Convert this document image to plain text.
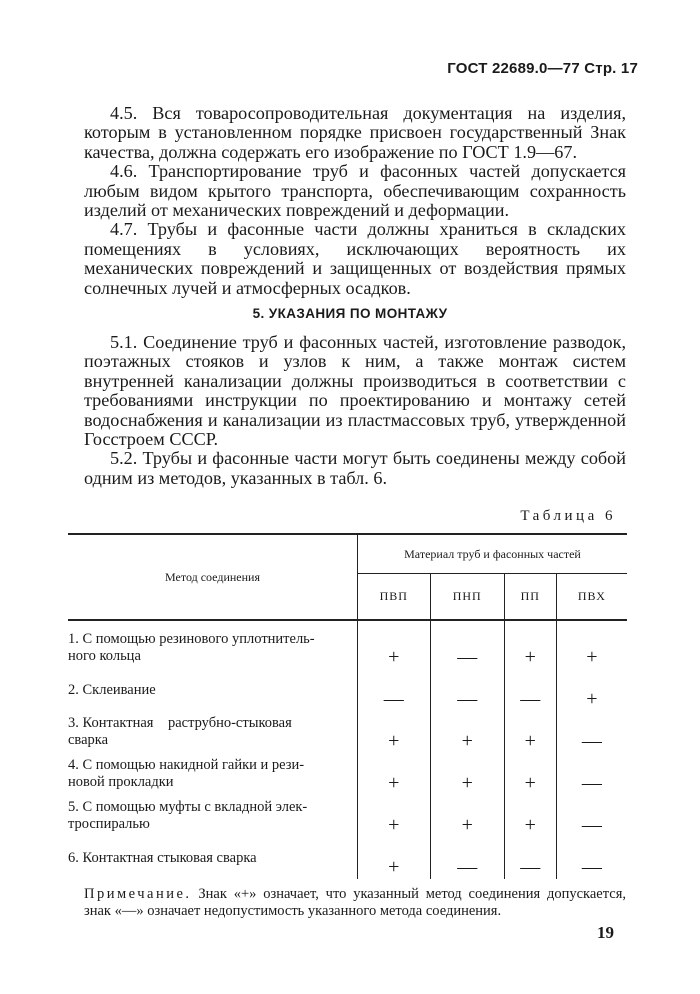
ГОСТ 22689.0—77 Стр. 17

4.5. Вся товаросопроводительная документация на изделия, которым в установленном порядке присвоен государственный Знак качества, должна содержать его изображение по ГОСТ 1.9—67.

4.6. Транспортирование труб и фасонных частей допускается любым видом крытого транспорта, обеспечивающим сохранность изделий от механических повреждений и деформации.

4.7. Трубы и фасонные части должны храниться в складских помещениях в условиях, исключающих вероятность их механических повреждений и защищенных от воздействия прямых солнечных лучей и атмосферных осадков.

5. УКАЗАНИЯ ПО МОНТАЖУ

5.1. Соединение труб и фасонных частей, изготовление разводок, поэтажных стояков и узлов к ним, а также монтаж систем внутренней канализации должны производиться в соответствии с требованиями инструкции по проектированию и монтажу сетей водоснабжения и канализации из пластмассовых труб, утвержденной Госстроем СССР.

5.2. Трубы и фасонные части могут быть соединены между собой одним из методов, указанных в табл. 6.

Таблица 6
Метод соединения	Материал труб и фасонных частей			
	ПВП	ПНП	ПП	ПВХ

1. С помощью резинового уплотнитель-
ного кольца	+	—	+	+

2. Склеивание	—	—	—	+

3. Контактная    раструбно-стыковая
сварка	+	+	+	—

4. С помощью накидной гайки и рези-
новой прокладки	+	+	+	—

5. С помощью муфты с вкладной элек-
троспиралью	+	+	+	—

6. Контактная стыковая сварка	+	—	—	—
Примечание. Знак «+» означает, что указанный метод соединения допускается, знак «—» означает недопустимость указанного метода соединения.
19
